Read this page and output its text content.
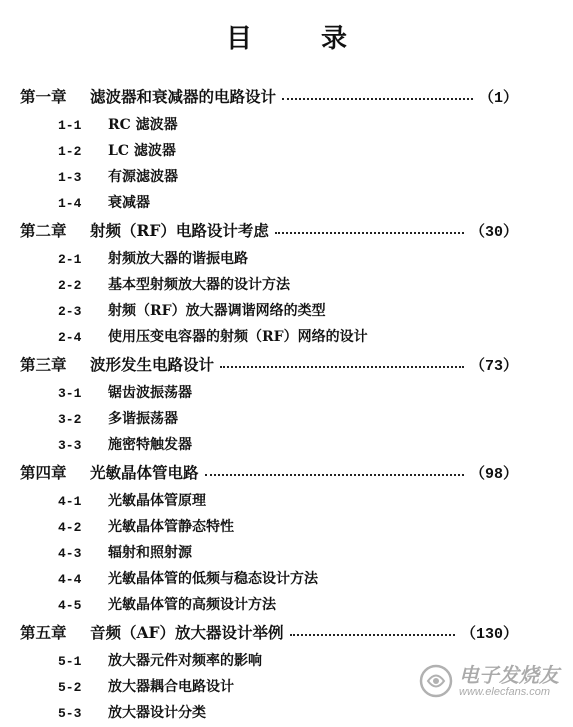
目 录
第一章	滤波器和衰减器的电路设计	（1）
1-1	RC 滤波器
1-2	LC 滤波器
1-3	有源滤波器
1-4	衰减器
第二章	射频（RF）电路设计考虑	（30）
2-1	射频放大器的谐振电路
2-2	基本型射频放大器的设计方法
2-3	射频（RF）放大器调谐网络的类型
2-4	使用压变电容器的射频（RF）网络的设计
第三章	波形发生电路设计	（73）
3-1	锯齿波振荡器
3-2	多谐振荡器
3-3	施密特触发器
第四章	光敏晶体管电路	（98）
4-1	光敏晶体管原理
4-2	光敏晶体管静态特性
4-3	辐射和照射源
4-4	光敏晶体管的低频与稳态设计方法
4-5	光敏晶体管的高频设计方法
第五章	音频（AF）放大器设计举例	（130）
5-1	放大器元件对频率的影响
5-2	放大器耦合电路设计
5-3	放大器设计分类
电子发烧友
www.elecfans.com
